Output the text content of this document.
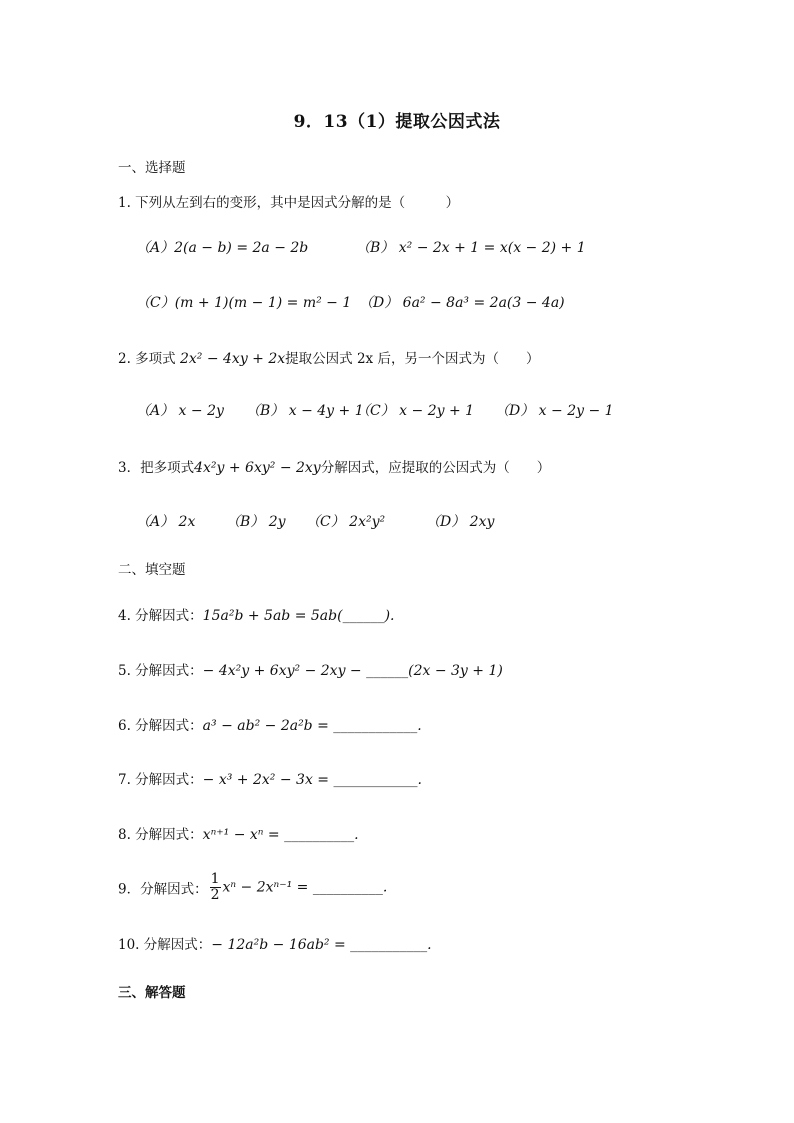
9．13（1）提取公因式法
一、选择题
1. 下列从左到右的变形，其中是因式分解的是（　　　）
（A）2(a − b) = 2a − 2b	（B） x² − 2x + 1 = x(x − 2) + 1
（C）(m + 1)(m − 1) = m² − 1 （D） 6a² − 8a³ = 2a(3 − 4a)
2. 多项式 2x² − 4xy + 2x提取公因式 2x 后，另一个因式为（　　）
（A） x − 2y （B） x − 4y + 1
（C） x − 2y + 1 （D） x − 2y − 1
3．把多项式4x²y + 6xy² − 2xy分解因式，应提取的公因式为（　　）
（A） 2x （B） 2y （C） 2x²y²	（D） 2xy
二、填空题
4. 分解因式：15a²b + 5ab = 5ab(______).
5. 分解因式：− 4x²y + 6xy² − 2xy − ______(2x − 3y + 1)
6. 分解因式：a³ − ab² − 2a²b = ____________.
7. 分解因式：− x³ + 2x² − 3x = ____________.
8. 分解因式：xⁿ⁺¹ − xⁿ = __________.
9．分解因式： $\frac{1}{2}$ xⁿ − 2xⁿ⁻¹ = __________.
10. 分解因式：− 12a²b − 16ab² = ___________.
三、解答题
